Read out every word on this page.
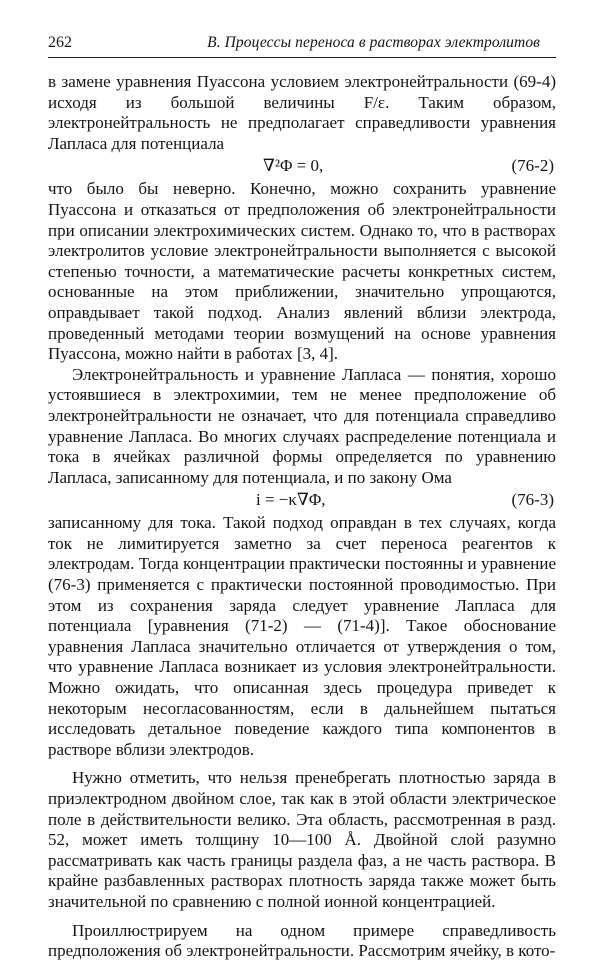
262	В. Процессы переноса в растворах электролитов

в замене уравнения Пуассона условием электронейтральности (69-4) исходя из большой величины F/ε. Таким образом, электронейтральность не предполагает справедливости уравнения Лапласа для потенциала

∇²Φ = 0,	(76-2)

что было бы неверно. Конечно, можно сохранить уравнение Пуассона и отказаться от предположения об электронейтральности при описании электрохимических систем. Однако то, что в растворах электролитов условие электронейтральности выполняется с высокой степенью точности, а математические расчеты конкретных систем, основанные на этом приближении, значительно упрощаются, оправдывает такой подход. Анализ явлений вблизи электрода, проведенный методами теории возмущений на основе уравнения Пуассона, можно найти в работах [3, 4].

Электронейтральность и уравнение Лапласа — понятия, хорошо устоявшиеся в электрохимии, тем не менее предположение об электронейтральности не означает, что для потенциала справедливо уравнение Лапласа. Во многих случаях распределение потенциала и тока в ячейках различной формы определяется по уравнению Лапласа, записанному для потенциала, и по закону Ома

i = −κ∇Φ,	(76-3)

записанному для тока. Такой подход оправдан в тех случаях, когда ток не лимитируется заметно за счет переноса реагентов к электродам. Тогда концентрации практически постоянны и уравнение (76-3) применяется с практически постоянной проводимостью. При этом из сохранения заряда следует уравнение Лапласа для потенциала [уравнения (71-2) — (71-4)]. Такое обоснование уравнения Лапласа значительно отличается от утверждения о том, что уравнение Лапласа возникает из условия электронейтральности. Можно ожидать, что описанная здесь процедура приведет к некоторым несогласованностям, если в дальнейшем пытаться исследовать детальное поведение каждого типа компонентов в растворе вблизи электродов.

Нужно отметить, что нельзя пренебрегать плотностью заряда в приэлектродном двойном слое, так как в этой области электрическое поле в действительности велико. Эта область, рассмотренная в разд. 52, может иметь толщину 10—100 Å. Двойной слой разумно рассматривать как часть границы раздела фаз, а не часть раствора. В крайне разбавленных растворах плотность заряда также может быть значительной по сравнению с полной ионной концентрацией.

Проиллюстрируем на одном примере справедливость предположения об электронейтральности. Рассмотрим ячейку, в кото-
